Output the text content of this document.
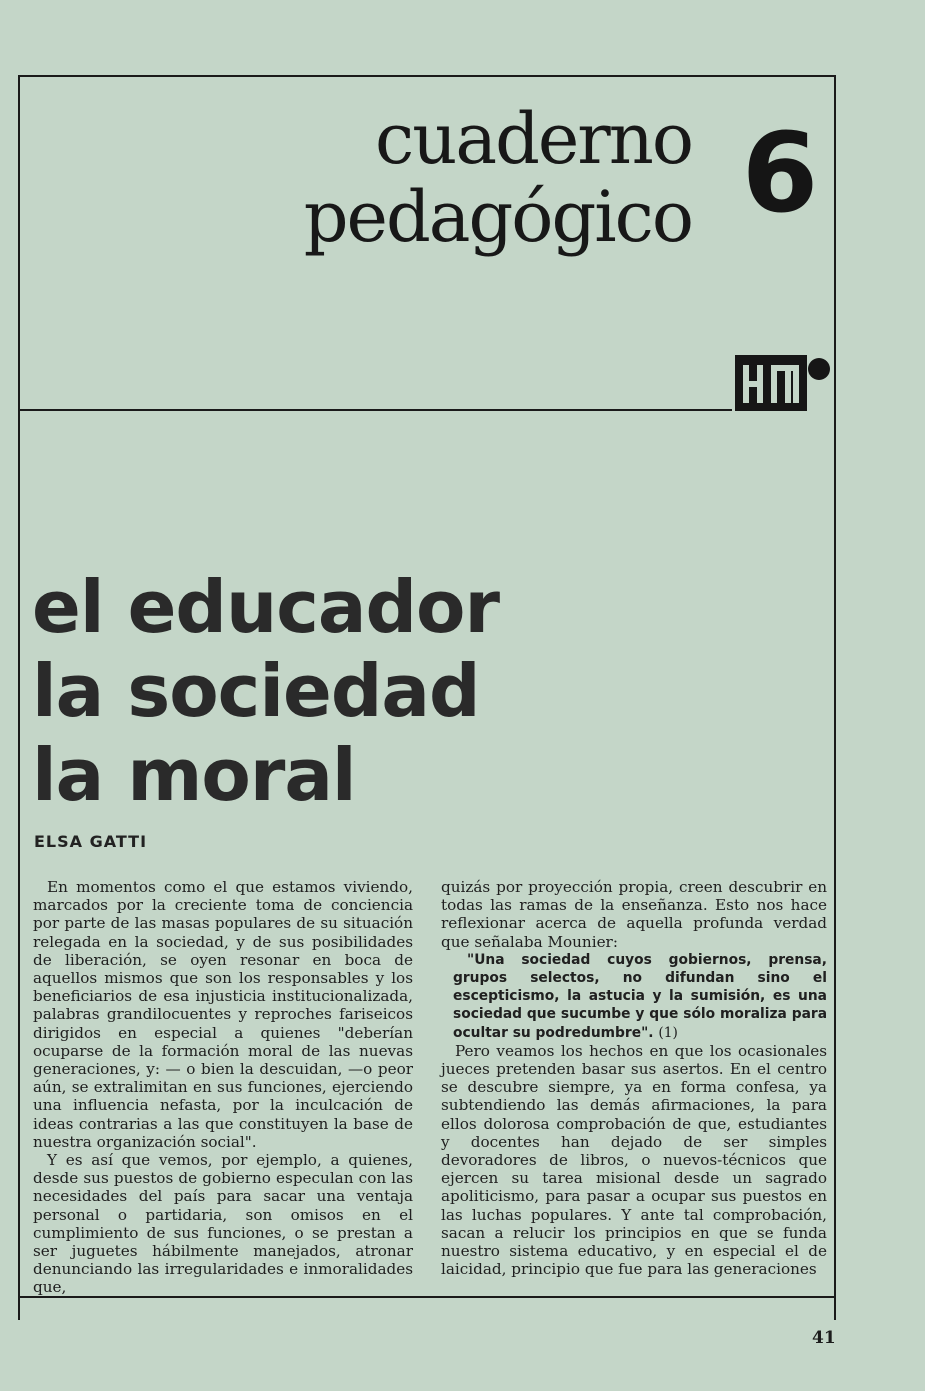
cuaderno
pedagógico 6
el educador
la sociedad
la moral
ELSA GATTI

En momentos como el que estamos viviendo, marcados por la creciente toma de conciencia por parte de las masas populares de su situación relegada en la sociedad, y de sus posibilidades de liberación, se oyen resonar en boca de aquellos mismos que son los responsables y los beneficiarios de esa injusticia institucionalizada, palabras grandilocuentes y reproches fariseicos dirigidos en especial a quienes "deberían ocuparse de la formación moral de las nuevas generaciones, y: — o bien la descuidan, —o peor aún, se extralimitan en sus funciones, ejerciendo una influencia nefasta, por la inculcación de ideas contrarias a las que constituyen la base de nuestra organización social".

Y es así que vemos, por ejemplo, a quienes, desde sus puestos de gobierno especulan con las necesidades del país para sacar una ventaja personal o partidaria, son omisos en el cumplimiento de sus funciones, o se prestan a ser juguetes hábilmente manejados, atronar denunciando las irregularidades e inmoralidades que,

quizás por proyección propia, creen descubrir en todas las ramas de la enseñanza. Esto nos hace reflexionar acerca de aquella profunda verdad que señalaba Mounier:

"Una sociedad cuyos gobiernos, prensa, grupos selectos, no difundan sino el escepticismo, la astucia y la sumisión, es una sociedad que sucumbe y que sólo moraliza para ocultar su podredumbre". (1)

Pero veamos los hechos en que los ocasionales jueces pretenden basar sus asertos. En el centro se descubre siempre, ya en forma confesa, ya subtendiendo las demás afirmaciones, la para ellos dolorosa comprobación de que, estudiantes y docentes han dejado de ser simples devoradores de libros, o nuevos-técnicos que ejercen su tarea misional desde un sagrado apoliticismo, para pasar a ocupar sus puestos en las luchas populares. Y ante tal comprobación, sacan a relucir los principios en que se funda nuestro sistema educativo, y en especial el de laicidad, principio que fue para las generaciones

41
